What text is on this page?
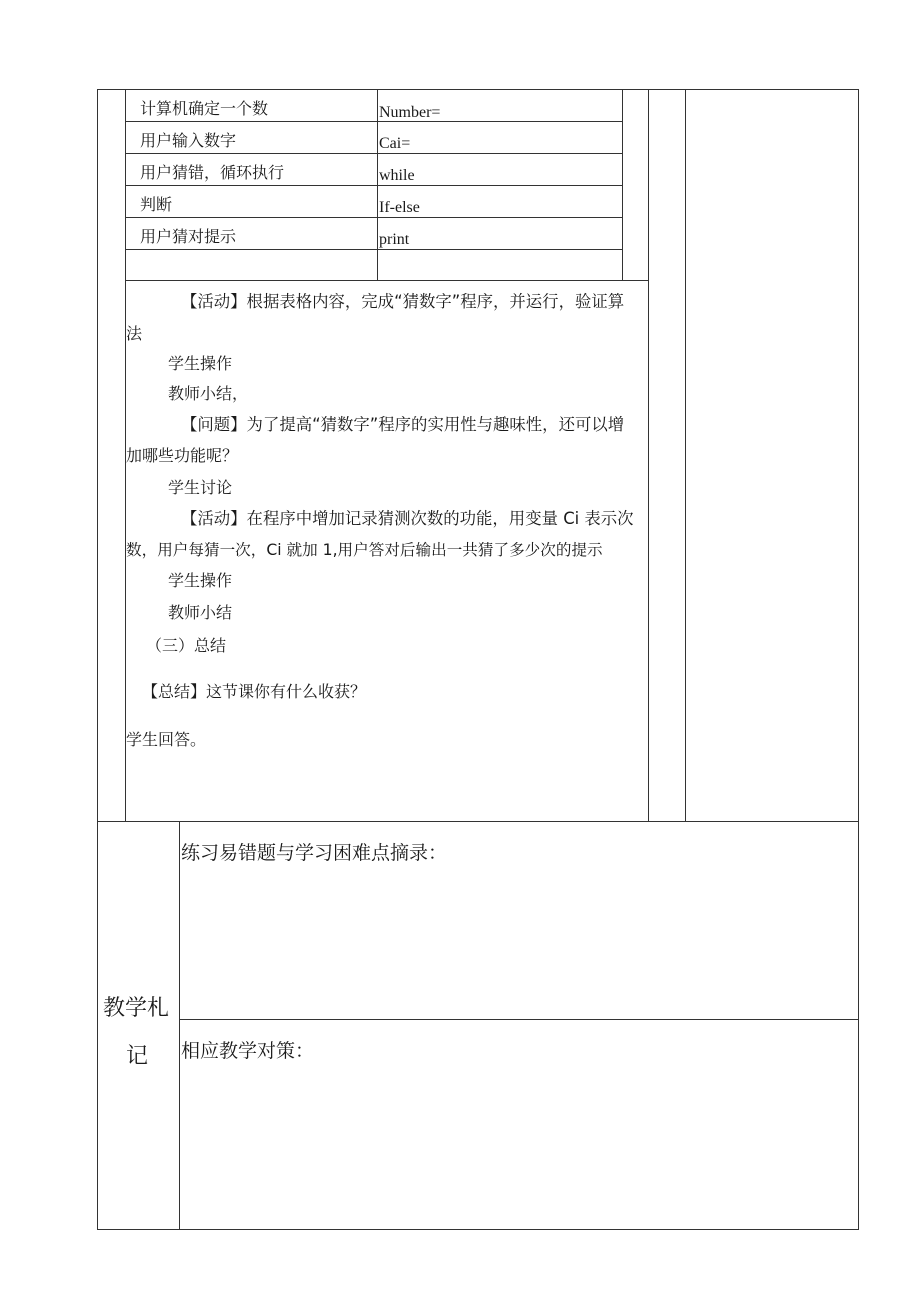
计算机确定一个数	Number=
用户输入数字	Cai=
用户猜错，循环执行	while
判断	If-else
用户猜对提示	print
【活动】根据表格内容，完成“猜数字”程序，并运行，验证算
法
学生操作
教师小结，
【问题】为了提高“猜数字”程序的实用性与趣味性，还可以增
加哪些功能呢？
学生讨论
【活动】在程序中增加记录猜测次数的功能，用变量 Ci 表示次
数，用户每猜一次，Ci 就加 1,用户答对后输出一共猜了多少次的提示
学生操作
教师小结
（三）总结
【总结】这节课你有什么收获？
学生回答。
教学札
记
练习易错题与学习困难点摘录：
相应教学对策：
